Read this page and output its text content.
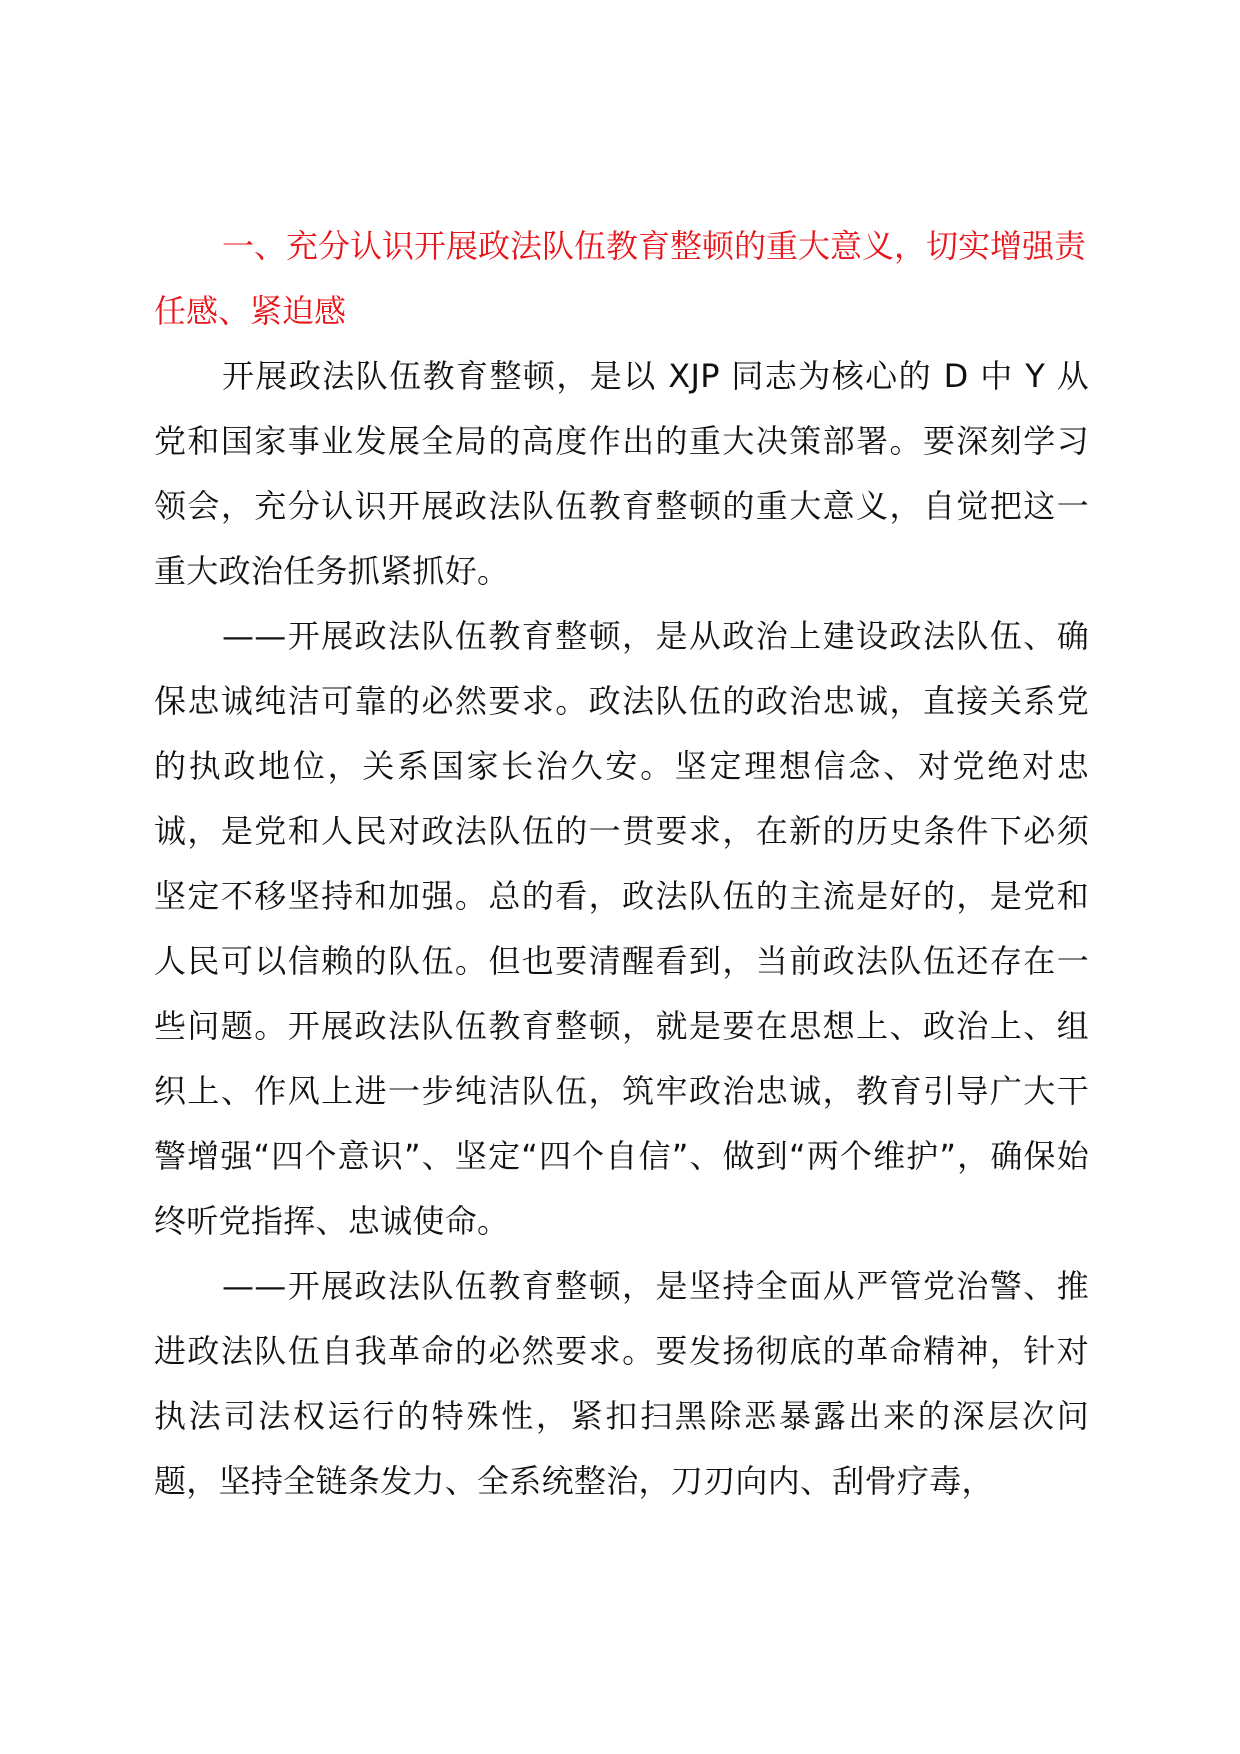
一、充分认识开展政法队伍教育整顿的重大意义，切实增强责任感、紧迫感

开展政法队伍教育整顿，是以 XJP 同志为核心的 D 中 Y 从党和国家事业发展全局的高度作出的重大决策部署。要深刻学习领会，充分认识开展政法队伍教育整顿的重大意义，自觉把这一重大政治任务抓紧抓好。

——开展政法队伍教育整顿，是从政治上建设政法队伍、确保忠诚纯洁可靠的必然要求。政法队伍的政治忠诚，直接关系党的执政地位，关系国家长治久安。坚定理想信念、对党绝对忠诚，是党和人民对政法队伍的一贯要求，在新的历史条件下必须坚定不移坚持和加强。总的看，政法队伍的主流是好的，是党和人民可以信赖的队伍。但也要清醒看到，当前政法队伍还存在一些问题。开展政法队伍教育整顿，就是要在思想上、政治上、组织上、作风上进一步纯洁队伍，筑牢政治忠诚，教育引导广大干警增强“四个意识”、坚定“四个自信”、做到“两个维护”，确保始终听党指挥、忠诚使命。

——开展政法队伍教育整顿，是坚持全面从严管党治警、推进政法队伍自我革命的必然要求。要发扬彻底的革命精神，针对执法司法权运行的特殊性，紧扣扫黑除恶暴露出来的深层次问题，坚持全链条发力、全系统整治，刀刃向内、刮骨疗毒，
